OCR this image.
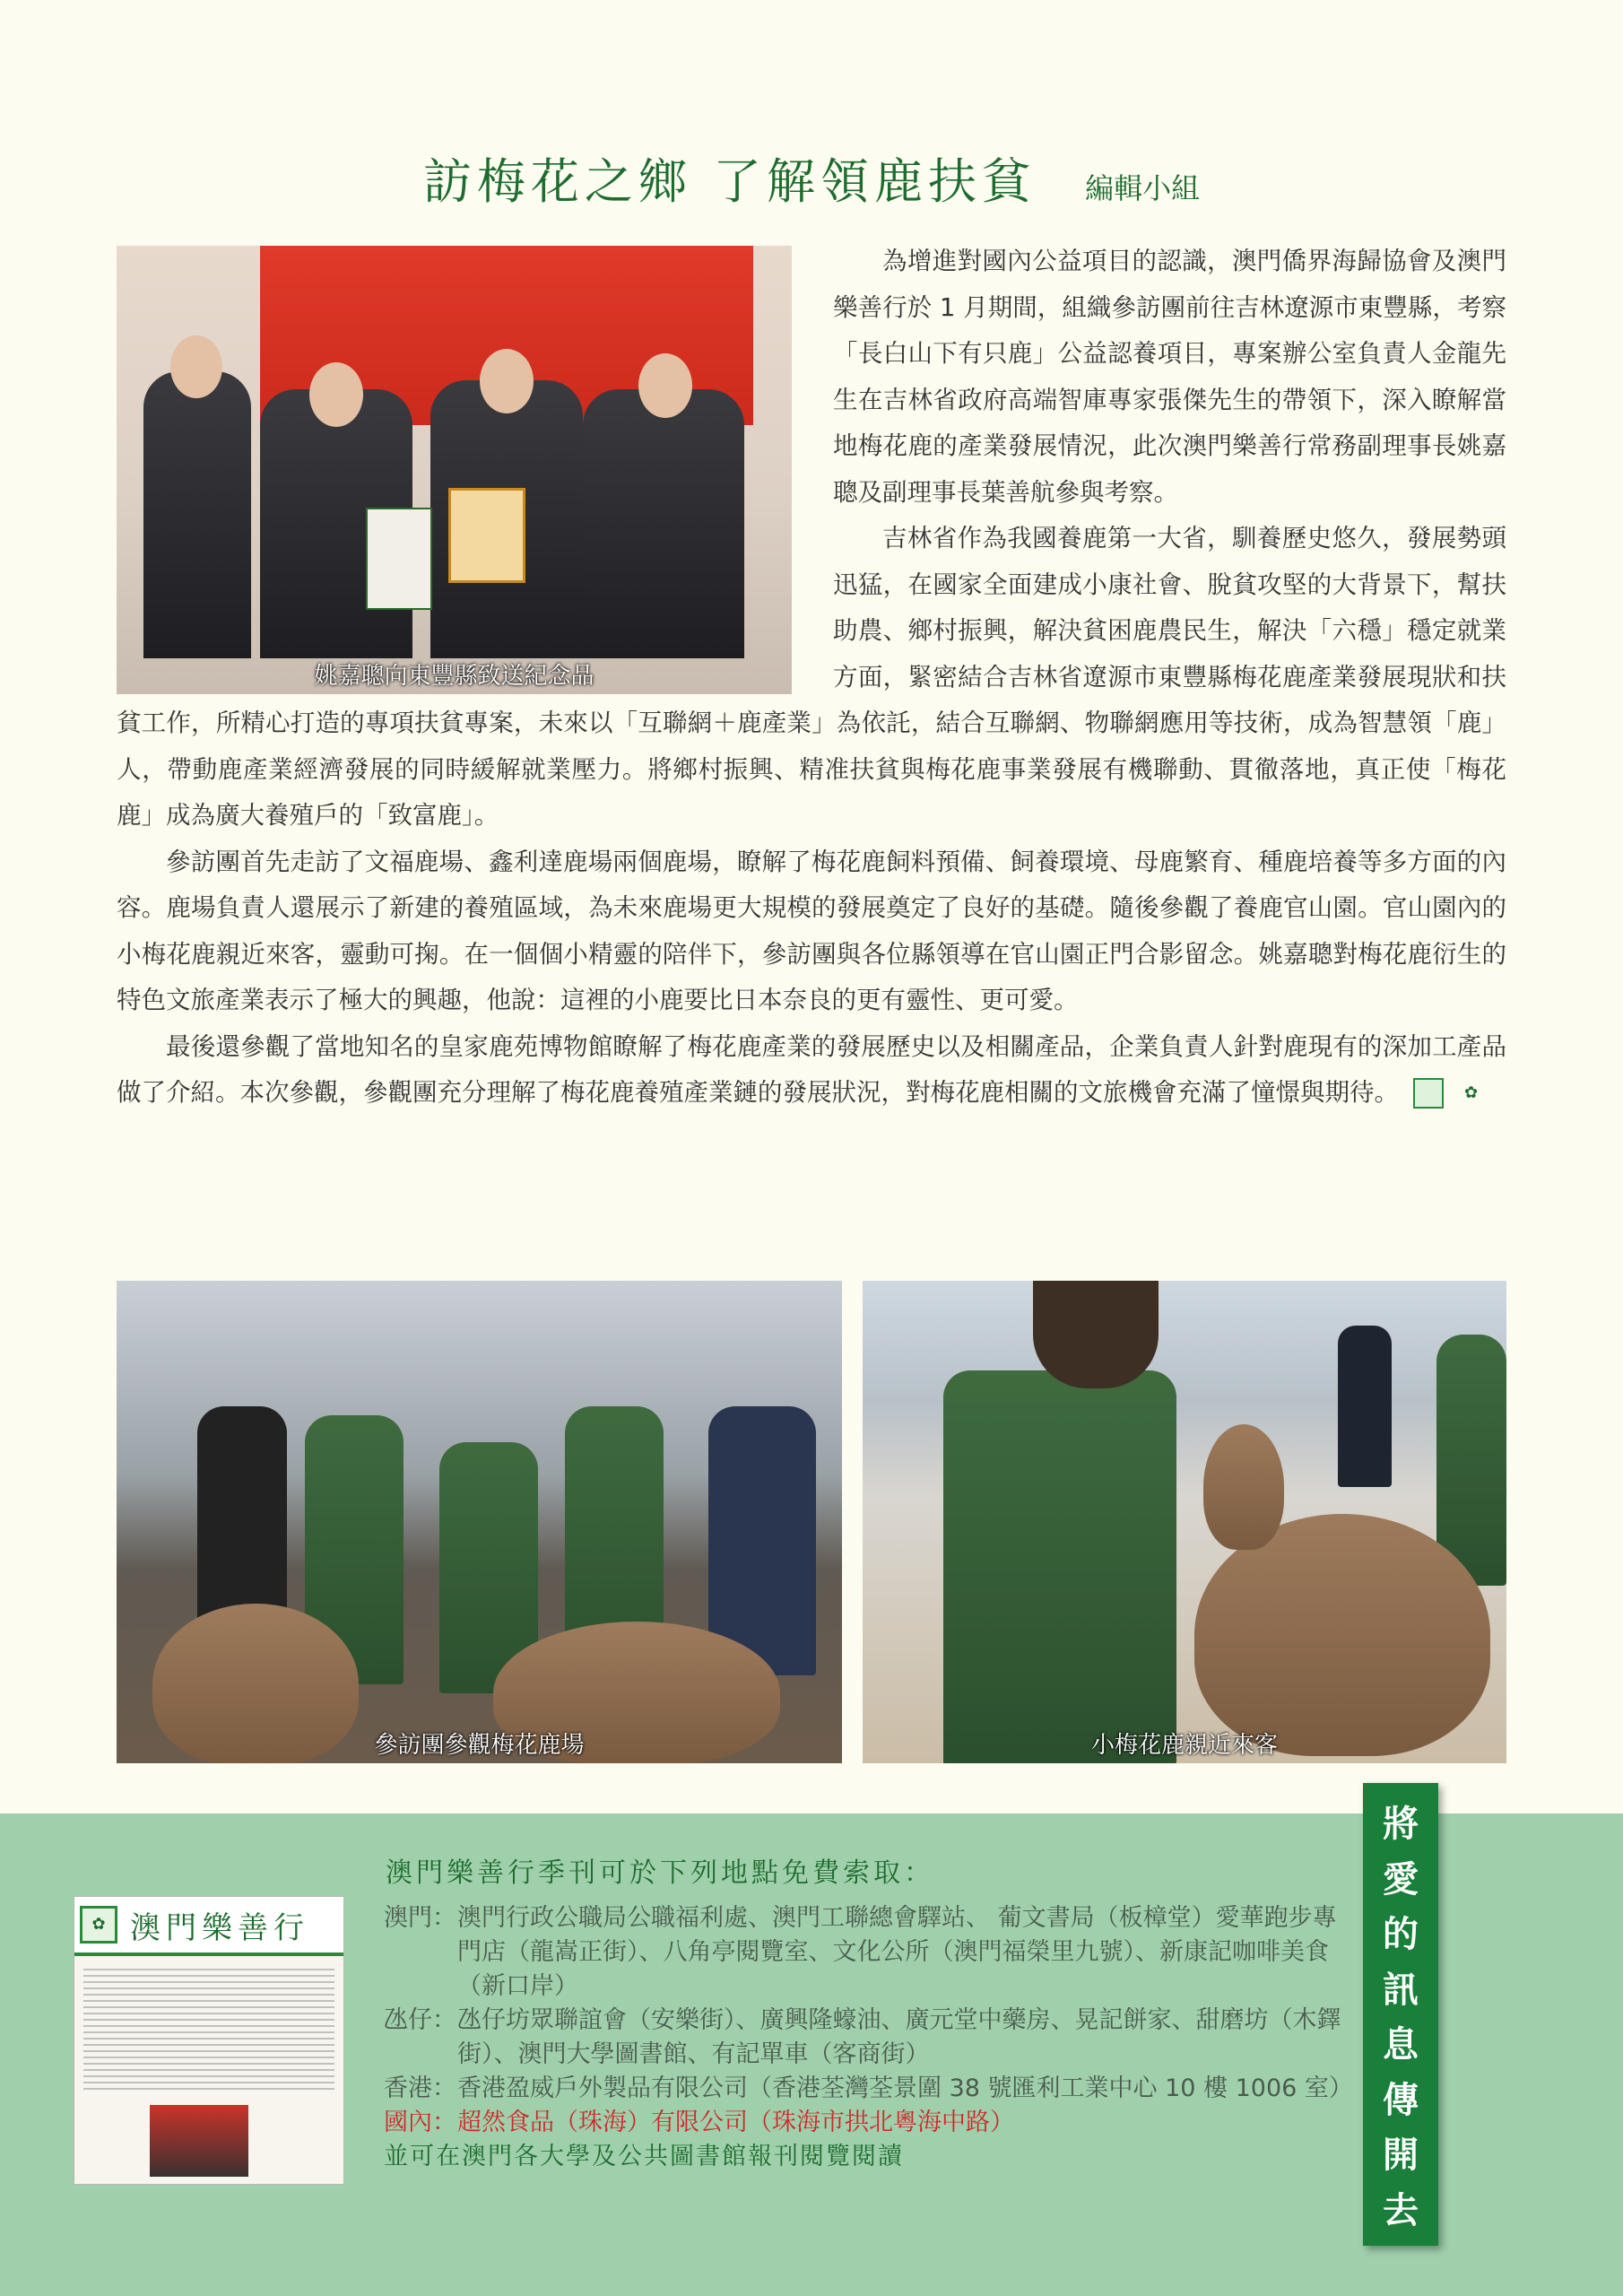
訪梅花之鄉 了解領鹿扶貧 編輯小組
姚嘉聰向東豐縣致送紀念品

為增進對國內公益項目的認識，澳門僑界海歸協會及澳門樂善行於 1 月期間，組織參訪團前往吉林遼源市東豐縣，考察「長白山下有只鹿」公益認養項目，專案辦公室負責人金龍先生在吉林省政府高端智庫專家張傑先生的帶領下，深入瞭解當地梅花鹿的產業發展情況，此次澳門樂善行常務副理事長姚嘉聰及副理事長葉善航參與考察。

吉林省作為我國養鹿第一大省，馴養歷史悠久，發展勢頭迅猛，在國家全面建成小康社會、脫貧攻堅的大背景下，幫扶助農、鄉村振興，解決貧困鹿農民生，解決「六穩」穩定就業方面，緊密結合吉林省遼源市東豐縣梅花鹿產業發展現狀和扶貧工作，所精心打造的專項扶貧專案，未來以「互聯網＋鹿產業」為依託，結合互聯網、物聯網應用等技術，成為智慧領「鹿」人，帶動鹿產業經濟發展的同時緩解就業壓力。將鄉村振興、精准扶貧與梅花鹿事業發展有機聯動、貫徹落地，真正使「梅花鹿」成為廣大養殖戶的「致富鹿」。

參訪團首先走訪了文福鹿場、鑫利達鹿場兩個鹿場，瞭解了梅花鹿飼料預備、飼養環境、母鹿繁育、種鹿培養等多方面的內容。鹿場負責人還展示了新建的養殖區域，為未來鹿場更大規模的發展奠定了良好的基礎。隨後參觀了養鹿官山園。官山園內的小梅花鹿親近來客，靈動可掬。在一個個小精靈的陪伴下，參訪團與各位縣領導在官山園正門合影留念。姚嘉聰對梅花鹿衍生的特色文旅產業表示了極大的興趣，他說：這裡的小鹿要比日本奈良的更有靈性、更可愛。

最後還參觀了當地知名的皇家鹿苑博物館瞭解了梅花鹿產業的發展歷史以及相關產品，企業負責人針對鹿現有的深加工產品做了介紹。本次參觀，參觀團充分理解了梅花鹿養殖產業鏈的發展狀況，對梅花鹿相關的文旅機會充滿了憧憬與期待。	✿

參訪團參觀梅花鹿場	小梅花鹿親近來客
✿ 澳門樂善行
澳門樂善行季刊可於下列地點免費索取：
澳門： 澳門行政公職局公職福利處、澳門工聯總會驛站、 葡文書局（板樟堂）愛華跑步專門店（龍嵩正街）、八角亭閱覽室、文化公所（澳門福榮里九號）、新康記咖啡美食（新口岸）
氹仔： 氹仔坊眾聯誼會（安樂街）、廣興隆蠔油、廣元堂中藥房、晃記餅家、甜磨坊（木鐸街）、澳門大學圖書館、有記單車（客商街）
香港： 香港盈威戶外製品有限公司（香港荃灣荃景圍 38 號匯利工業中心 10 樓 1006 室）
國內： 超然食品（珠海）有限公司（珠海市拱北粵海中路）
並可在澳門各大學及公共圖書館報刊閱覽閱讀
將
愛
的
訊
息
傳
開
去
